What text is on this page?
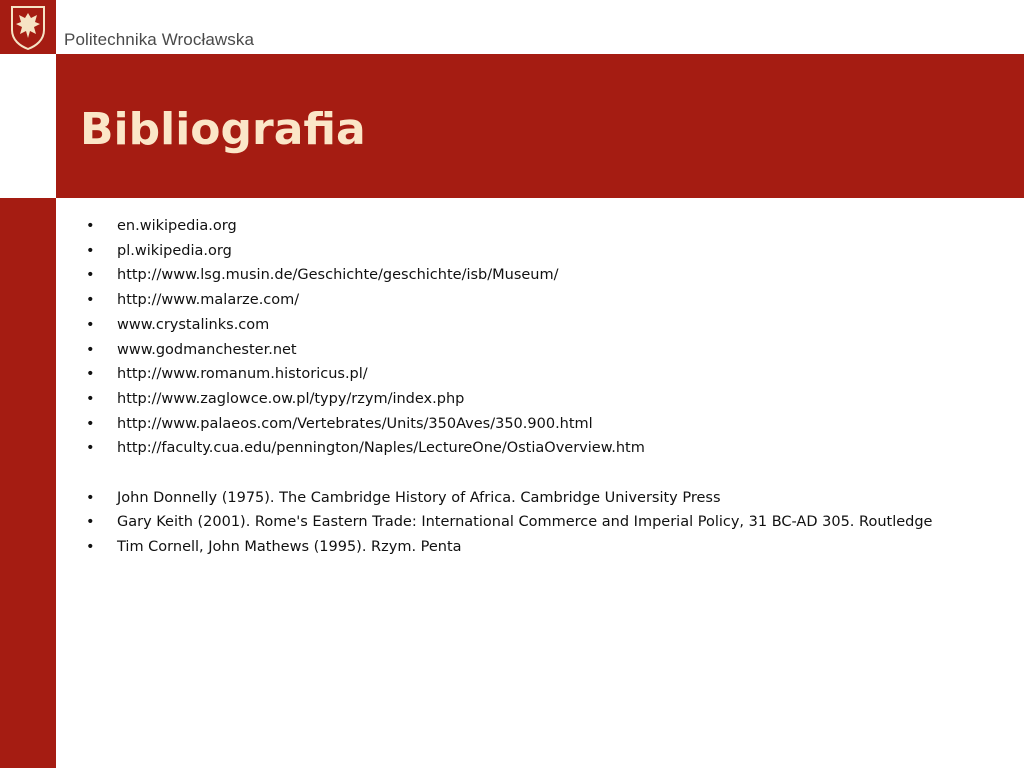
Politechnika Wrocławska
Bibliografia
• en.wikipedia.org
• pl.wikipedia.org
• http://www.lsg.musin.de/Geschichte/geschichte/isb/Museum/
• http://www.malarze.com/
• www.crystalinks.com
• www.godmanchester.net
• http://www.romanum.historicus.pl/
• http://www.zaglowce.ow.pl/typy/rzym/index.php
• http://www.palaeos.com/Vertebrates/Units/350Aves/350.900.html
• http://faculty.cua.edu/pennington/Naples/LectureOne/OstiaOverview.htm
• John Donnelly (1975). The Cambridge History of Africa. Cambridge University Press
• Gary Keith (2001). Rome's Eastern Trade: International Commerce and Imperial Policy, 31 BC-AD 305. Routledge
• Tim Cornell, John Mathews (1995). Rzym. Penta
